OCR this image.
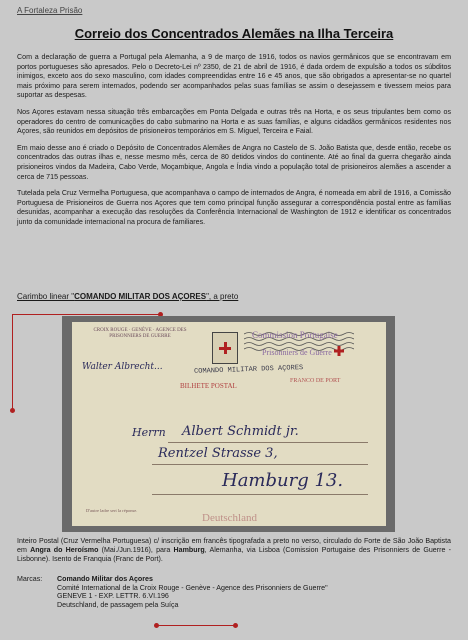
A Fortaleza Prisão
Correio dos Concentrados Alemães na Ilha Terceira

Com a declaração de guerra a Portugal pela Alemanha, a 9 de março de 1916, todos os navios germânicos que se encontravam em portos portugueses são apresados. Pelo o Decreto-Lei nº 2350, de 21 de abril de 1916, é dada ordem de expulsão a todos os súbditos inimigos, exceto aos do sexo masculino, com idades compreendidas entre 16 e 45 anos, que são obrigados a apresentar-se no quartel mais próximo para serem internados, podendo ser acompanhados pelas suas famílias se assim o desejassem e tivessem meios para suportar as despesas.

Nos Açores estavam nessa situação três embarcações em Ponta Delgada e outras três na Horta, e os seus tripulantes bem como os operadores do centro de comunicações do cabo submarino na Horta e as suas famílias, e alguns cidadãos germânicos residentes nos Açores, são reunidos em depósitos de prisioneiros temporários em S. Miguel, Terceira e Faial.

Em maio desse ano é criado o Depósito de Concentrados Alemães de Angra no Castelo de S. João Batista que, desde então, recebe os concentrados das outras ilhas e, nesse mesmo mês, cerca de 80 detidos vindos do continente. Até ao final da guerra chegarão ainda prisioneiros vindos da Madeira, Cabo Verde, Moçambique, Angola e Índia vindo a população total de prisioneiros alemães a ascender a cerca de 715 pessoas.

Tutelada pela Cruz Vermelha Portuguesa, que acompanhava o campo de internados de Angra, é nomeada em abril de 1916, a Comissão Portuguesa de Prisioneiros de Guerra nos Açores que tem como principal função assegurar a correspondência postal entre as famílias desunidas, acompanhar a execução das resoluções da Conferência Internacional de Washington de 1912 e identificar os concentrados junto da comunidade internacional na procura de familiares.

Carimbo linear "COMANDO MILITAR DOS AÇORES", a preto
CROIX ROUGE · GENÈVE · AGENCE DES PRISONNIERS DE GUERRE	Commission Portugaise
Prisonniers de Guerre
COMANDO MILITAR DOS AÇORES
BILHETE POSTAL
FRANCO DE PORT
Walter Albrecht...
Herrn Albert Schmidt jr.
Rentzel Strasse 3,
Hamburg 13.
D'autre ladre sert la réponse.
Deutschland
Inteiro Postal (Cruz Vermelha Portuguesa) c/ inscrição em francês tipografada a preto no verso, circulado do Forte de São João Baptista em Angra do Heroísmo (Mai./Jun.1916), para Hamburg, Alemanha, via Lisboa (Comission Portugaise des Prisonniers de Guerre - Lisbonne). Isento de Franquia (Franc de Port).
Marcas:	Comando Militar dos Açores
Comité International de la Croix Rouge - Genève - Agence des Prisonniers de Guerre"
GENEVE 1 - EXP. LETTR. 6.VI.196
Deutschland, de passagem pela Suíça
